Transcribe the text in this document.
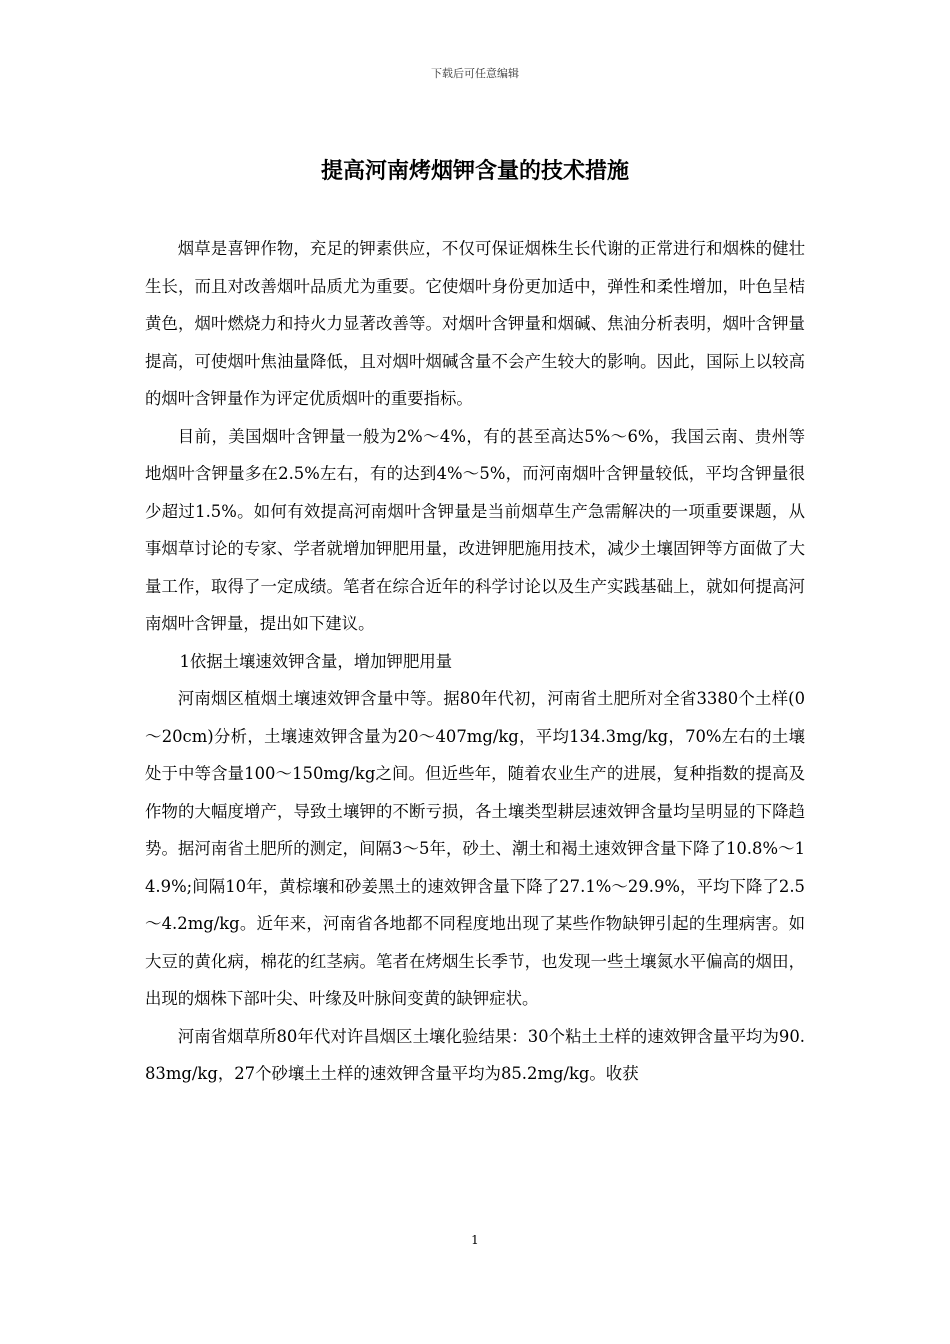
下载后可任意编辑
提高河南烤烟钾含量的技术措施

烟草是喜钾作物，充足的钾素供应，不仅可保证烟株生长代谢的正常进行和烟株的健壮生长，而且对改善烟叶品质尤为重要。它使烟叶身份更加适中，弹性和柔性增加，叶色呈桔黄色，烟叶燃烧力和持火力显著改善等。对烟叶含钾量和烟碱、焦油分析表明，烟叶含钾量提高，可使烟叶焦油量降低，且对烟叶烟碱含量不会产生较大的影响。因此，国际上以较高的烟叶含钾量作为评定优质烟叶的重要指标。

目前，美国烟叶含钾量一般为2%～4%，有的甚至高达5%～6%，我国云南、贵州等地烟叶含钾量多在2.5%左右，有的达到4%～5%，而河南烟叶含钾量较低，平均含钾量很少超过1.5%。如何有效提高河南烟叶含钾量是当前烟草生产急需解决的一项重要课题，从事烟草讨论的专家、学者就增加钾肥用量，改进钾肥施用技术，减少土壤固钾等方面做了大量工作，取得了一定成绩。笔者在综合近年的科学讨论以及生产实践基础上，就如何提高河南烟叶含钾量，提出如下建议。

1依据土壤速效钾含量，增加钾肥用量

河南烟区植烟土壤速效钾含量中等。据80年代初，河南省土肥所对全省3380个土样(0～20cm)分析，土壤速效钾含量为20～407mg/kg，平均134.3mg/kg，70%左右的土壤处于中等含量100～150mg/kg之间。但近些年，随着农业生产的进展，复种指数的提高及作物的大幅度增产，导致土壤钾的不断亏损，各土壤类型耕层速效钾含量均呈明显的下降趋势。据河南省土肥所的测定，间隔3～5年，砂土、潮土和褐土速效钾含量下降了10.8%～14.9%;间隔10年，黄棕壤和砂姜黑土的速效钾含量下降了27.1%～29.9%，平均下降了2.5～4.2mg/kg。近年来，河南省各地都不同程度地出现了某些作物缺钾引起的生理病害。如大豆的黄化病，棉花的红茎病。笔者在烤烟生长季节，也发现一些土壤氮水平偏高的烟田，出现的烟株下部叶尖、叶缘及叶脉间变黄的缺钾症状。

河南省烟草所80年代对许昌烟区土壤化验结果：30个粘土土样的速效钾含量平均为90.83mg/kg，27个砂壤土土样的速效钾含量平均为85.2mg/kg。收获

1
